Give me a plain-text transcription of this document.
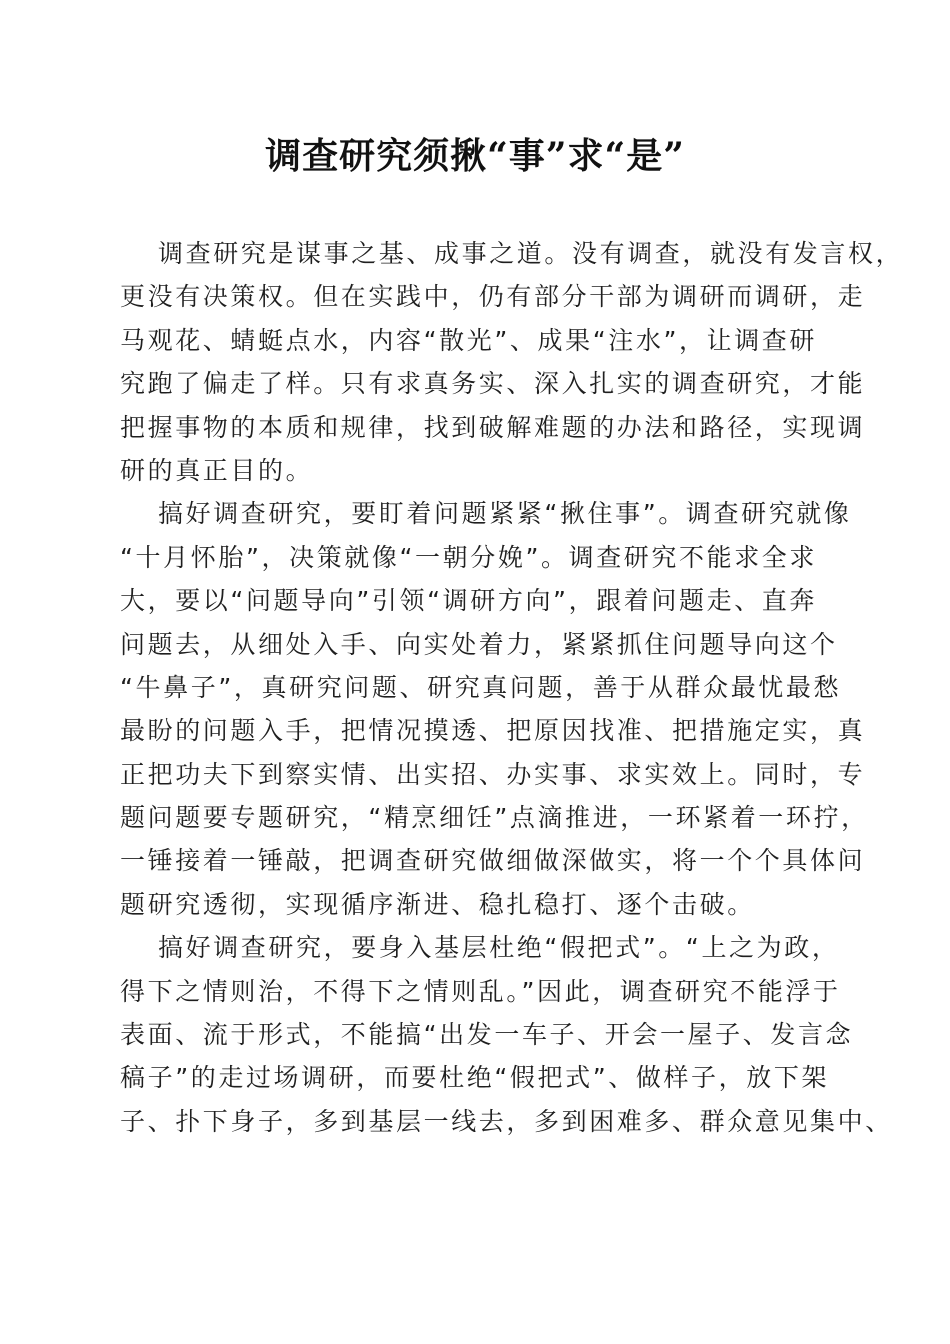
调查研究须揪“事”求“是”

调查研究是谋事之基、成事之道。没有调查，就没有发言权，

更没有决策权。但在实践中，仍有部分干部为调研而调研，走

马观花、蜻蜓点水，内容“散光”、成果“注水”，让调查研

究跑了偏走了样。只有求真务实、深入扎实的调查研究，才能

把握事物的本质和规律，找到破解难题的办法和路径，实现调

研的真正目的。

搞好调查研究，要盯着问题紧紧“揪住事”。调查研究就像

“十月怀胎”，决策就像“一朝分娩”。调查研究不能求全求

大，要以“问题导向”引领“调研方向”，跟着问题走、直奔

问题去，从细处入手、向实处着力，紧紧抓住问题导向这个

“牛鼻子”，真研究问题、研究真问题，善于从群众最忧最愁

最盼的问题入手，把情况摸透、把原因找准、把措施定实，真

正把功夫下到察实情、出实招、办实事、求实效上。同时，专

题问题要专题研究，“精烹细饪”点滴推进，一环紧着一环拧，

一锤接着一锤敲，把调查研究做细做深做实，将一个个具体问

题研究透彻，实现循序渐进、稳扎稳打、逐个击破。

搞好调查研究，要身入基层杜绝“假把式”。“上之为政，

得下之情则治，不得下之情则乱。”因此，调查研究不能浮于

表面、流于形式，不能搞“出发一车子、开会一屋子、发言念

稿子”的走过场调研，而要杜绝“假把式”、做样子，放下架

子、扑下身子，多到基层一线去，多到困难多、群众意见集中、
